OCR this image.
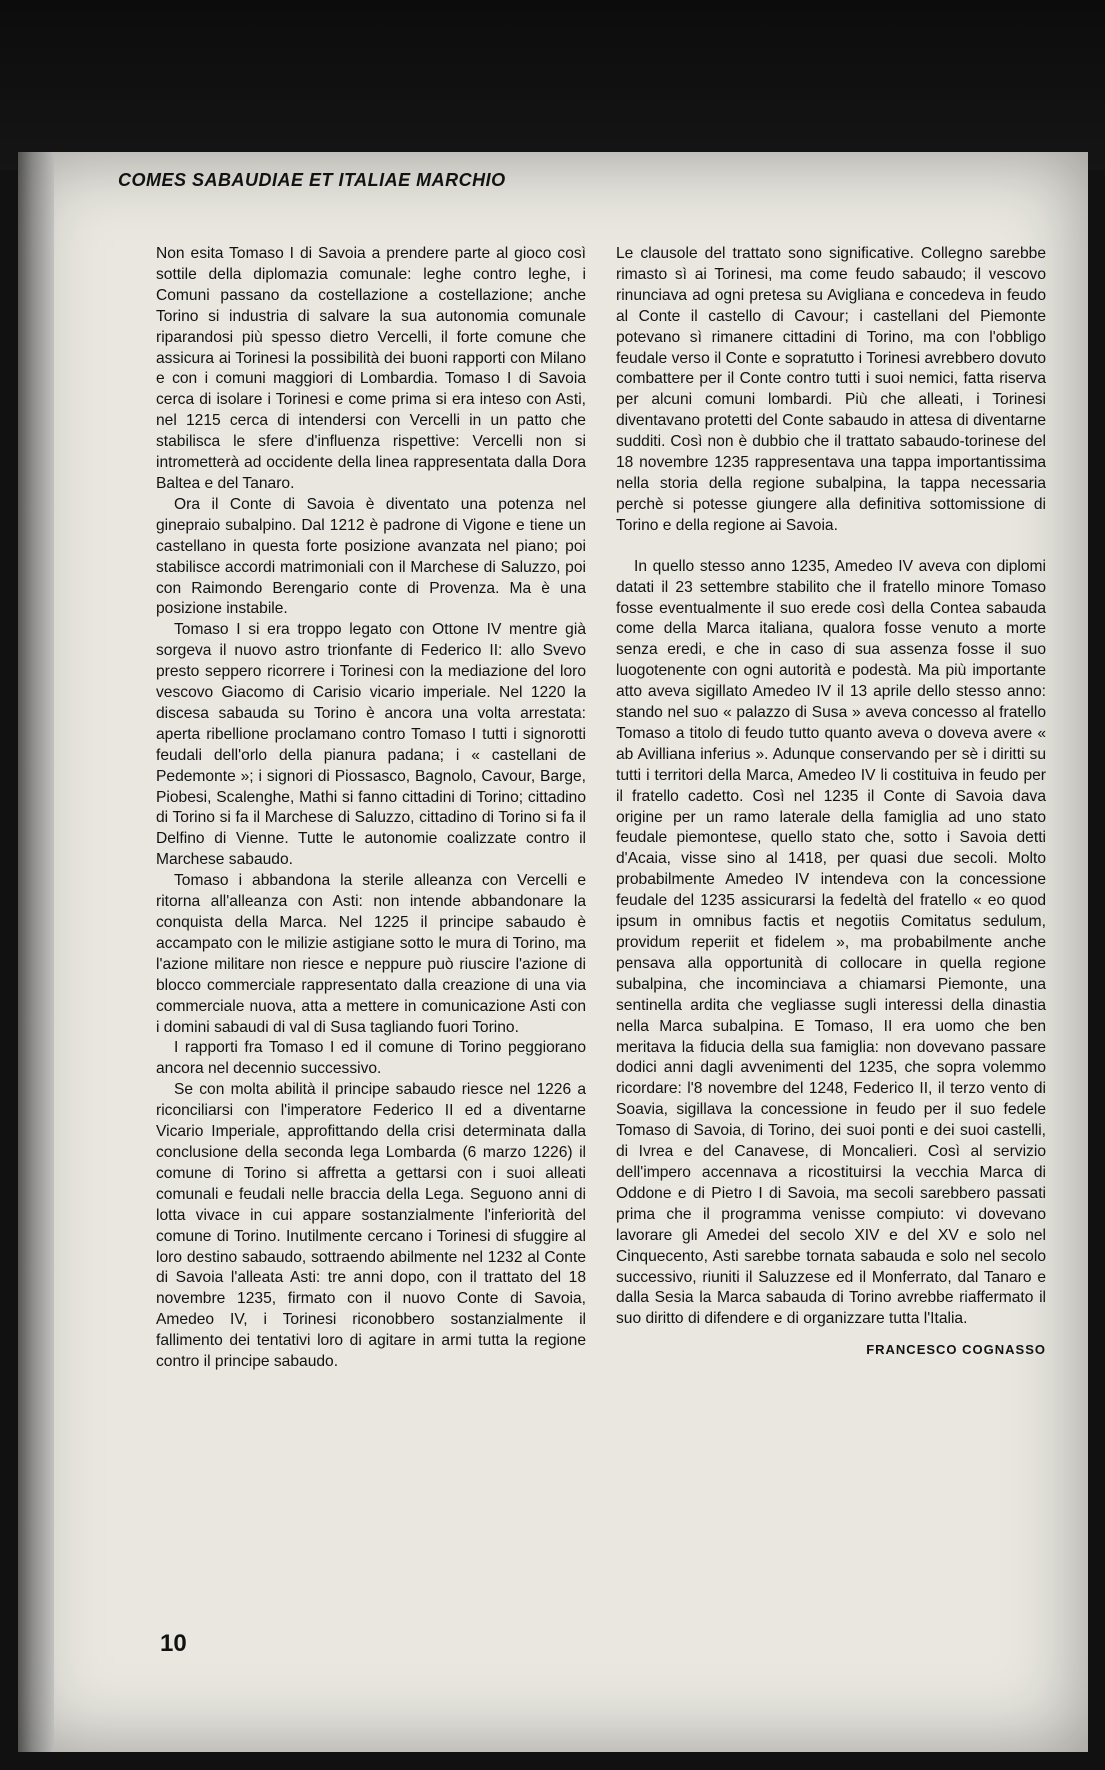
COMES SABAUDIAE ET ITALIAE MARCHIO

Non esita Tomaso I di Savoia a prendere parte al gioco così sottile della diplomazia comunale: leghe contro leghe, i Comuni passano da costellazione a costellazione; anche Torino si industria di salvare la sua autonomia comunale riparandosi più spesso dietro Vercelli, il forte comune che assicura ai Torinesi la possibilità dei buoni rapporti con Milano e con i comuni maggiori di Lombardia. Tomaso I di Savoia cerca di isolare i Torinesi e come prima si era inteso con Asti, nel 1215 cerca di intendersi con Vercelli in un patto che stabilisca le sfere d'influenza rispettive: Vercelli non si intrometterà ad occidente della linea rappresentata dalla Dora Baltea e del Tanaro.

Ora il Conte di Savoia è diventato una potenza nel ginepraio subalpino. Dal 1212 è padrone di Vigone e tiene un castellano in questa forte posizione avanzata nel piano; poi stabilisce accordi matrimoniali con il Marchese di Saluzzo, poi con Raimondo Berengario conte di Provenza. Ma è una posizione instabile.

Tomaso I si era troppo legato con Ottone IV mentre già sorgeva il nuovo astro trionfante di Federico II: allo Svevo presto seppero ricorrere i Torinesi con la mediazione del loro vescovo Giacomo di Carisio vicario imperiale. Nel 1220 la discesa sabauda su Torino è ancora una volta arrestata: aperta ribellione proclamano contro Tomaso I tutti i signorotti feudali dell'orlo della pianura padana; i « castellani de Pedemonte »; i signori di Piossasco, Bagnolo, Cavour, Barge, Piobesi, Scalenghe, Mathi si fanno cittadini di Torino; cittadino di Torino si fa il Marchese di Saluzzo, cittadino di Torino si fa il Delfino di Vienne. Tutte le autonomie coalizzate contro il Marchese sabaudo.

Tomaso i abbandona la sterile alleanza con Vercelli e ritorna all'alleanza con Asti: non intende abbandonare la conquista della Marca. Nel 1225 il principe sabaudo è accampato con le milizie astigiane sotto le mura di Torino, ma l'azione militare non riesce e neppure può riuscire l'azione di blocco commerciale rappresentato dalla creazione di una via commerciale nuova, atta a mettere in comunicazione Asti con i domini sabaudi di val di Susa tagliando fuori Torino.

I rapporti fra Tomaso I ed il comune di Torino peggiorano ancora nel decennio successivo.

Se con molta abilità il principe sabaudo riesce nel 1226 a riconciliarsi con l'imperatore Federico II ed a diventarne Vicario Imperiale, approfittando della crisi determinata dalla conclusione della seconda lega Lombarda (6 marzo 1226) il comune di Torino si affretta a gettarsi con i suoi alleati comunali e feudali nelle braccia della Lega. Seguono anni di lotta vivace in cui appare sostanzialmente l'inferiorità del comune di Torino. Inutilmente cercano i Torinesi di sfuggire al loro destino sabaudo, sottraendo abilmente nel 1232 al Conte di Savoia l'alleata Asti: tre anni dopo, con il trattato del 18 novembre 1235, firmato con il nuovo Conte di Savoia, Amedeo IV, i Torinesi riconobbero sostanzialmente il fallimento dei tentativi loro di agitare in armi tutta la regione contro il principe sabaudo.

Le clausole del trattato sono significative. Collegno sarebbe rimasto sì ai Torinesi, ma come feudo sabaudo; il vescovo rinunciava ad ogni pretesa su Avigliana e concedeva in feudo al Conte il castello di Cavour; i castellani del Piemonte potevano sì rimanere cittadini di Torino, ma con l'obbligo feudale verso il Conte e sopratutto i Torinesi avrebbero dovuto combattere per il Conte contro tutti i suoi nemici, fatta riserva per alcuni comuni lombardi. Più che alleati, i Torinesi diventavano protetti del Conte sabaudo in attesa di diventarne sudditi. Così non è dubbio che il trattato sabaudo-torinese del 18 novembre 1235 rappresentava una tappa importantissima nella storia della regione subalpina, la tappa necessaria perchè si potesse giungere alla definitiva sottomissione di Torino e della regione ai Savoia.

In quello stesso anno 1235, Amedeo IV aveva con diplomi datati il 23 settembre stabilito che il fratello minore Tomaso fosse eventualmente il suo erede così della Contea sabauda come della Marca italiana, qualora fosse venuto a morte senza eredi, e che in caso di sua assenza fosse il suo luogotenente con ogni autorità e podestà. Ma più importante atto aveva sigillato Amedeo IV il 13 aprile dello stesso anno: stando nel suo « palazzo di Susa » aveva concesso al fratello Tomaso a titolo di feudo tutto quanto aveva o doveva avere « ab Avilliana inferius ». Adunque conservando per sè i diritti su tutti i territori della Marca, Amedeo IV li costituiva in feudo per il fratello cadetto. Così nel 1235 il Conte di Savoia dava origine per un ramo laterale della famiglia ad uno stato feudale piemontese, quello stato che, sotto i Savoia detti d'Acaia, visse sino al 1418, per quasi due secoli. Molto probabilmente Amedeo IV intendeva con la concessione feudale del 1235 assicurarsi la fedeltà del fratello « eo quod ipsum in omnibus factis et negotiis Comitatus sedulum, providum reperiit et fidelem », ma probabilmente anche pensava alla opportunità di collocare in quella regione subalpina, che incominciava a chiamarsi Piemonte, una sentinella ardita che vegliasse sugli interessi della dinastia nella Marca subalpina. E Tomaso, II era uomo che ben meritava la fiducia della sua famiglia: non dovevano passare dodici anni dagli avvenimenti del 1235, che sopra volemmo ricordare: l'8 novembre del 1248, Federico II, il terzo vento di Soavia, sigillava la concessione in feudo per il suo fedele Tomaso di Savoia, di Torino, dei suoi ponti e dei suoi castelli, di Ivrea e del Canavese, di Moncalieri. Così al servizio dell'impero accennava a ricostituirsi la vecchia Marca di Oddone e di Pietro I di Savoia, ma secoli sarebbero passati prima che il programma venisse compiuto: vi dovevano lavorare gli Amedei del secolo XIV e del XV e solo nel Cinquecento, Asti sarebbe tornata sabauda e solo nel secolo successivo, riuniti il Saluzzese ed il Monferrato, dal Tanaro e dalla Sesia la Marca sabauda di Torino avrebbe riaffermato il suo diritto di difendere e di organizzare tutta l'Italia.

FRANCESCO COGNASSO
10
